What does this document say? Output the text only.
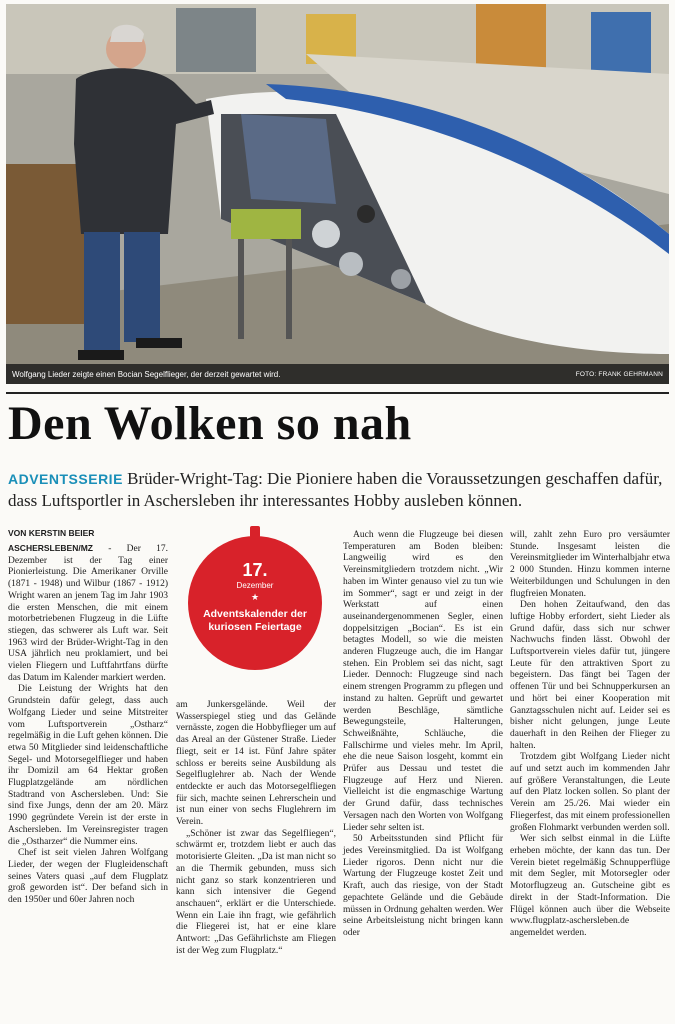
Wolfgang Lieder zeigte einen Bocian Segelflieger, der derzeit gewartet wird.	FOTO: FRANK GEHRMANN
Den Wolken so nah
ADVENTSSERIE Brüder-Wright-Tag: Die Pioniere haben die Voraussetzungen geschaffen dafür, dass Luftsportler in Aschersleben ihr interessantes Hobby ausleben können.
VON KERSTIN BEIER

ASCHERSLEBEN/MZ - Der 17. Dezember ist der Tag einer Pionierleistung. Die Amerikaner Orville (1871 - 1948) und Wilbur (1867 - 1912) Wright waren an jenem Tag im Jahr 1903 die ersten Menschen, die mit einem motorbetriebenen Flugzeug in die Lüfte stiegen, das schwerer als Luft war. Seit 1963 wird der Brüder-Wright-Tag in den USA jährlich neu proklamiert, und bei vielen Fliegern und Luftfahrtfans dürfte das Datum im Kalender markiert werden.

Die Leistung der Wrights hat den Grundstein dafür gelegt, dass auch Wolfgang Lieder und seine Mitstreiter vom Luftsportverein „Ostharz“ regelmäßig in die Luft gehen können. Die etwa 50 Mitglieder sind leidenschaftliche Segel- und Motorsegelflieger und haben ihr Domizil am 64 Hektar großen Flugplatzgelände am nördlichen Stadtrand von Aschersleben. Und: Sie sind fixe Jungs, denn der am 20. März 1990 gegründete Verein ist der erste in Aschersleben. Im Vereinsregister tragen die „Ostharzer“ die Nummer eins.

Chef ist seit vielen Jahren Wolfgang Lieder, der wegen der Flugleidenschaft seines Vaters quasi „auf dem Flugplatz groß geworden ist“. Der befand sich in den 1950er und 60er Jahren noch

17.
Dezember
★
Adventskalender der kuriosen Feiertage

am Junkersgelände. Weil der Wasserspiegel stieg und das Gelände vernässte, zogen die Hobbyflieger um auf das Areal an der Güstener Straße. Lieder fliegt, seit er 14 ist. Fünf Jahre später schloss er bereits seine Ausbildung als Segelfluglehrer ab. Nach der Wende entdeckte er auch das Motorsegelfliegen für sich, machte seinen Lehrerschein und ist nun einer von sechs Fluglehrern im Verein.

„Schöner ist zwar das Segelfliegen“, schwärmt er, trotzdem liebt er auch das motorisierte Gleiten. „Da ist man nicht so an die Thermik gebunden, muss sich nicht ganz so stark konzentrieren und kann sich intensiver die Gegend anschauen“, erklärt er die Unterschiede. Wenn ein Laie ihn fragt, wie gefährlich die Fliegerei ist, hat er eine klare Antwort: „Das Gefährlichste am Fliegen ist der Weg zum Flugplatz.“

Auch wenn die Flugzeuge bei diesen Temperaturen am Boden bleiben: Langweilig wird es den Vereinsmitgliedern trotzdem nicht. „Wir haben im Winter genauso viel zu tun wie im Sommer“, sagt er und zeigt in der Werkstatt auf einen auseinandergenommenen Segler, einen doppelsitzigen „Bocian“. Es ist ein betagtes Modell, so wie die meisten anderen Flugzeuge auch, die im Hangar stehen. Ein Problem sei das nicht, sagt Lieder. Dennoch: Flugzeuge sind nach einem strengen Programm zu pflegen und instand zu halten. Geprüft und gewartet werden Beschläge, sämtliche Bewegungsteile, Halterungen, Schweißnähte, Schläuche, die Fallschirme und vieles mehr. Im April, ehe die neue Saison losgeht, kommt ein Prüfer aus Dessau und testet die Flugzeuge auf Herz und Nieren. Vielleicht ist die engmaschige Wartung der Grund dafür, dass technisches Versagen nach den Worten von Wolfgang Lieder sehr selten ist.

50 Arbeitsstunden sind Pflicht für jedes Vereinsmitglied. Da ist Wolfgang Lieder rigoros. Denn nicht nur die Wartung der Flugzeuge kostet Zeit und Kraft, auch das riesige, von der Stadt gepachtete Gelände und die Gebäude müssen in Ordnung gehalten werden. Wer seine Arbeitsleistung nicht bringen kann oder

will, zahlt zehn Euro pro versäumter Stunde. Insgesamt leisten die Vereinsmitglieder im Winterhalbjahr etwa 2 000 Stunden. Hinzu kommen interne Weiterbildungen und Schulungen in den flugfreien Monaten.

Den hohen Zeitaufwand, den das luftige Hobby erfordert, sieht Lieder als Grund dafür, dass sich nur schwer Nachwuchs finden lässt. Obwohl der Luftsportverein vieles dafür tut, jüngere Leute für den attraktiven Sport zu begeistern. Das fängt bei Tagen der offenen Tür und bei Schnupperkursen an und hört bei einer Kooperation mit Ganztagsschulen nicht auf. Leider sei es bisher nicht gelungen, junge Leute dauerhaft in den Reihen der Flieger zu halten.

Trotzdem gibt Wolfgang Lieder nicht auf und setzt auch im kommenden Jahr auf größere Veranstaltungen, die Leute auf den Platz locken sollen. So plant der Verein am 25./26. Mai wieder ein Fliegerfest, das mit einem professionellen großen Flohmarkt verbunden werden soll.

Wer sich selbst einmal in die Lüfte erheben möchte, der kann das tun. Der Verein bietet regelmäßig Schnupperflüge mit dem Segler, mit Motorsegler oder Motorflugzeug an. Gutscheine gibt es direkt in der Stadt-Information. Die Flügel können auch über die Webseite www.flugplatz-aschersleben.de angemeldet werden.
